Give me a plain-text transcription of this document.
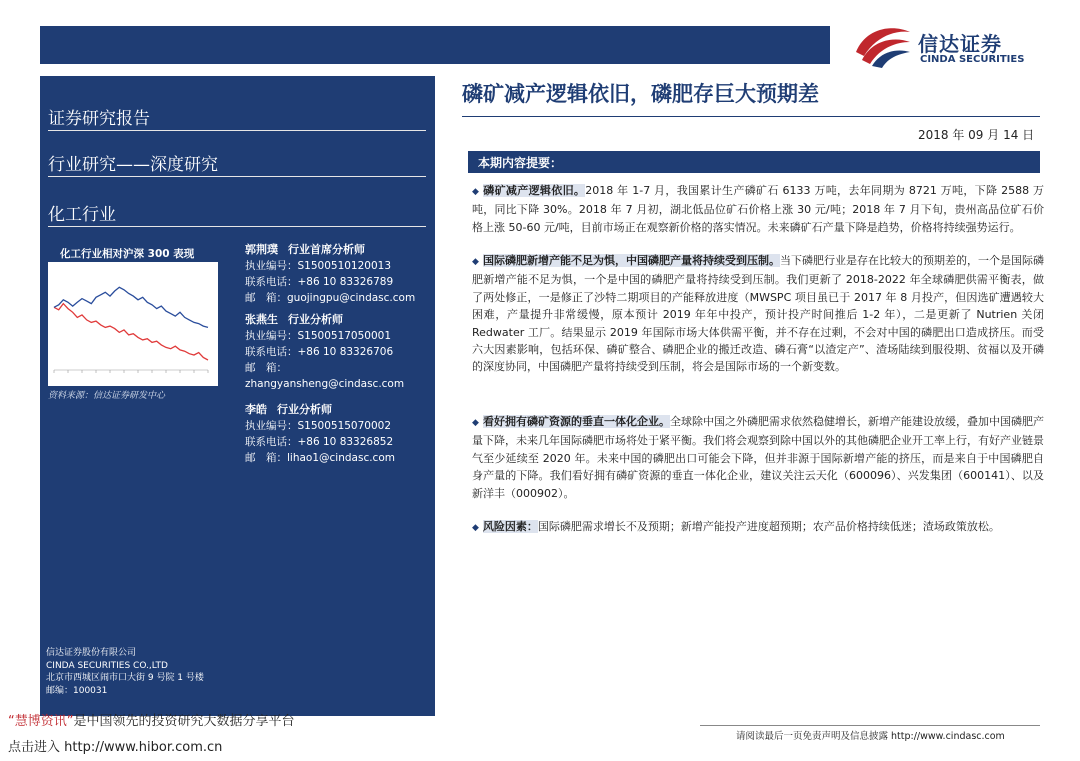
信达证券
CINDA SECURITIES
证券研究报告
行业研究——深度研究
化工行业
化工行业相对沪深 300 表现
资料来源：信达证券研发中心
郭荆璞 行业首席分析师
执业编号：S1500510120013
联系电话：+86 10 83326789
邮　箱：guojingpu@cindasc.com
张燕生 行业分析师
执业编号：S1500517050001
联系电话：+86 10 83326706
邮　箱：
zhangyansheng@cindasc.com
李皓 行业分析师
执业编号：S1500515070002
联系电话：+86 10 83326852
邮　箱：lihao1@cindasc.com
信达证券股份有限公司
CINDA SECURITIES CO.,LTD
北京市西城区闹市口大街 9 号院 1 号楼
邮编：100031
磷矿减产逻辑依旧，磷肥存巨大预期差
2018 年 09 月 14 日
本期内容提要：
◆ 磷矿减产逻辑依旧。2018 年 1-7 月，我国累计生产磷矿石 6133 万吨，去年同期为 8721 万吨，下降 2588 万吨，同比下降 30%。2018 年 7 月初，湖北低品位矿石价格上涨 30 元/吨；2018 年 7 月下旬，贵州高品位矿石价格上涨 50-60 元/吨，目前市场正在观察新价格的落实情况。未来磷矿石产量下降是趋势，价格将持续强势运行。
◆ 国际磷肥新增产能不足为惧，中国磷肥产量将持续受到压制。当下磷肥行业是存在比较大的预期差的，一个是国际磷肥新增产能不足为惧，一个是中国的磷肥产量将持续受到压制。我们更新了 2018-2022 年全球磷肥供需平衡表，做了两处修正，一是修正了沙特二期项目的产能释放进度（MWSPC 项目虽已于 2017 年 8 月投产，但因选矿遭遇较大困难，产量提升非常缓慢，原本预计 2019 年年中投产，预计投产时间推后 1-2 年），二是更新了 Nutrien 关闭 Redwater 工厂。结果显示 2019 年国际市场大体供需平衡，并不存在过剩，不会对中国的磷肥出口造成挤压。而受六大因素影响，包括环保、磷矿整合、磷肥企业的搬迁改造、磷石膏“以渣定产”、渣场陆续到服役期、贫福以及开磷的深度协同，中国磷肥产量将持续受到压制，将会是国际市场的一个新变数。
◆ 看好拥有磷矿资源的垂直一体化企业。全球除中国之外磷肥需求依然稳健增长，新增产能建设放缓，叠加中国磷肥产量下降，未来几年国际磷肥市场将处于紧平衡。我们将会观察到除中国以外的其他磷肥企业开工率上行，有好产业链景气至少延续至 2020 年。未来中国的磷肥出口可能会下降，但并非源于国际新增产能的挤压，而是来自于中国磷肥自身产量的下降。我们看好拥有磷矿资源的垂直一体化企业，建议关注云天化（600096）、兴发集团（600141）、以及新洋丰（000902）。
◆ 风险因素：国际磷肥需求增长不及预期；新增产能投产进度超预期；农产品价格持续低迷；渣场政策放松。
请阅读最后一页免责声明及信息披露 http://www.cindasc.com
“慧博资讯”是中国领先的投资研究大数据分享平台
点击进入 http://www.hibor.com.cn
